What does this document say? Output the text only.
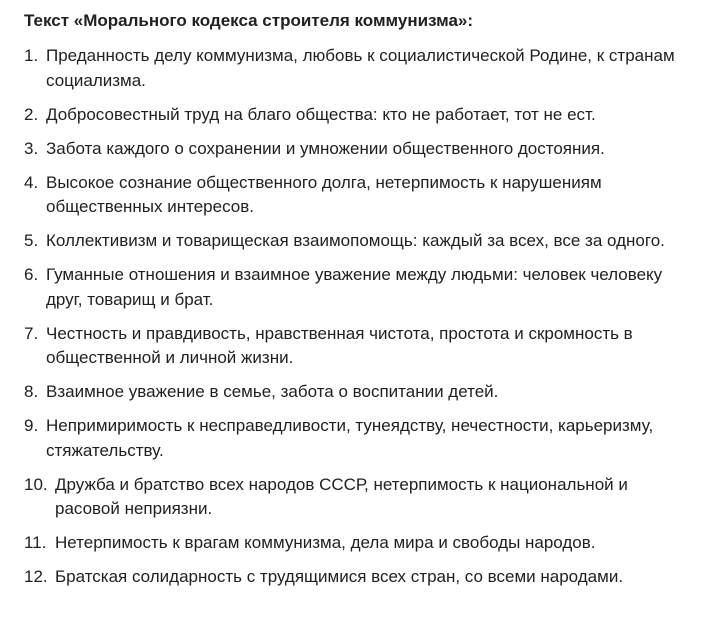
Текст «Морального кодекса строителя коммунизма»:
1. Преданность делу коммунизма, любовь к социалистической Родине, к странам социализма.
2. Добросовестный труд на благо общества: кто не работает, тот не ест.
3. Забота каждого о сохранении и умножении общественного достояния.
4. Высокое сознание общественного долга, нетерпимость к нарушениям общественных интересов.
5. Коллективизм и товарищеская взаимопомощь: каждый за всех, все за одного.
6. Гуманные отношения и взаимное уважение между людьми: человек человеку друг, товарищ и брат.
7. Честность и правдивость, нравственная чистота, простота и скромность в общественной и личной жизни.
8. Взаимное уважение в семье, забота о воспитании детей.
9. Непримиримость к несправедливости, тунеядству, нечестности, карьеризму, стяжательству.
10. Дружба и братство всех народов СССР, нетерпимость к национальной и расовой неприязни.
11. Нетерпимость к врагам коммунизма, дела мира и свободы народов.
12. Братская солидарность с трудящимися всех стран, со всеми народами.
